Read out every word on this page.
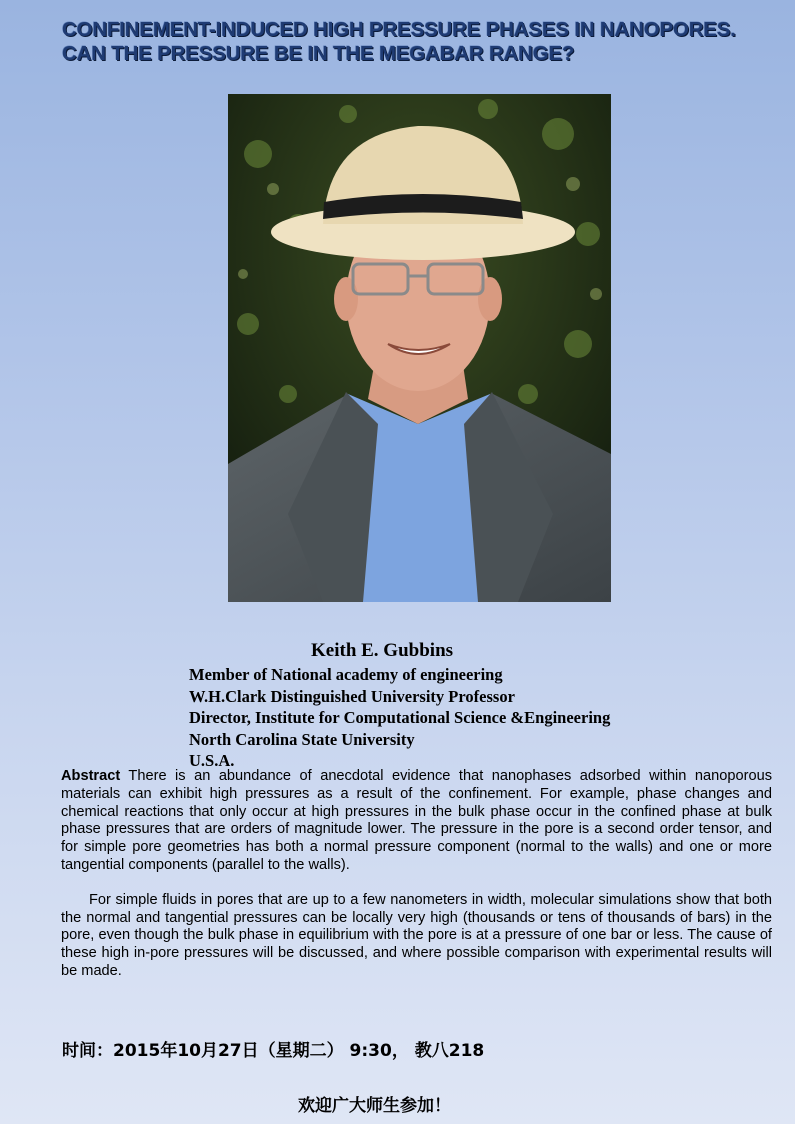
CONFINEMENT-INDUCED HIGH PRESSURE PHASES IN NANOPORES.
CAN THE PRESSURE BE IN THE MEGABAR RANGE?
Keith E. Gubbins
Member of National academy of engineering
W.H.Clark Distinguished University Professor
Director, Institute for Computational Science &Engineering
North Carolina State University
U.S.A.

Abstract There is an abundance of anecdotal evidence that nanophases adsorbed within nanoporous materials can exhibit high pressures as a result of the confinement. For example, phase changes and chemical reactions that only occur at high pressures in the bulk phase occur in the confined phase at bulk phase pressures that are orders of magnitude lower. The pressure in the pore is a second order tensor, and for simple pore geometries has both a normal pressure component (normal to the walls) and one or more tangential components (parallel to the walls).

For simple fluids in pores that are up to a few nanometers in width, molecular simulations show that both the normal and tangential pressures can be locally very high (thousands or tens of thousands of bars) in the pore, even though the bulk phase in equilibrium with the pore is at a pressure of one bar or less. The cause of these high in-pore pressures will be discussed, and where possible comparison with experimental results will be made.

时间：2015年10月27日（星期二） 9:30， 教八218
欢迎广大师生参加！
